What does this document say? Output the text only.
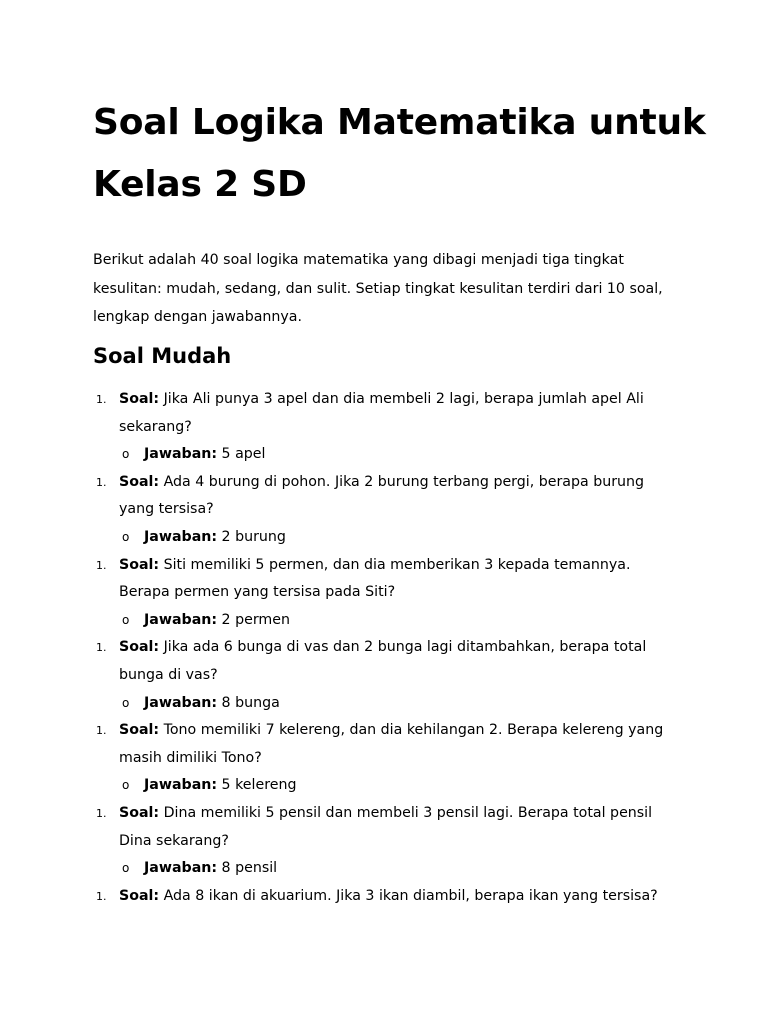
Soal Logika Matematika untuk Kelas 2 SD

Berikut adalah 40 soal logika matematika yang dibagi menjadi tiga tingkat kesulitan: mudah, sedang, dan sulit. Setiap tingkat kesulitan terdiri dari 10 soal, lengkap dengan jawabannya.

Soal Mudah
1. Soal: Jika Ali punya 3 apel dan dia membeli 2 lagi, berapa jumlah apel Ali sekarang?

o Jawaban: 5 apel

1. Soal: Ada 4 burung di pohon. Jika 2 burung terbang pergi, berapa burung yang tersisa?

o Jawaban: 2 burung

1. Soal: Siti memiliki 5 permen, dan dia memberikan 3 kepada temannya. Berapa permen yang tersisa pada Siti?

o Jawaban: 2 permen

1. Soal: Jika ada 6 bunga di vas dan 2 bunga lagi ditambahkan, berapa total bunga di vas?

o Jawaban: 8 bunga

1. Soal: Tono memiliki 7 kelereng, dan dia kehilangan 2. Berapa kelereng yang masih dimiliki Tono?

o Jawaban: 5 kelereng

1. Soal: Dina memiliki 5 pensil dan membeli 3 pensil lagi. Berapa total pensil Dina sekarang?

o Jawaban: 8 pensil

1. Soal: Ada 8 ikan di akuarium. Jika 3 ikan diambil, berapa ikan yang tersisa?
